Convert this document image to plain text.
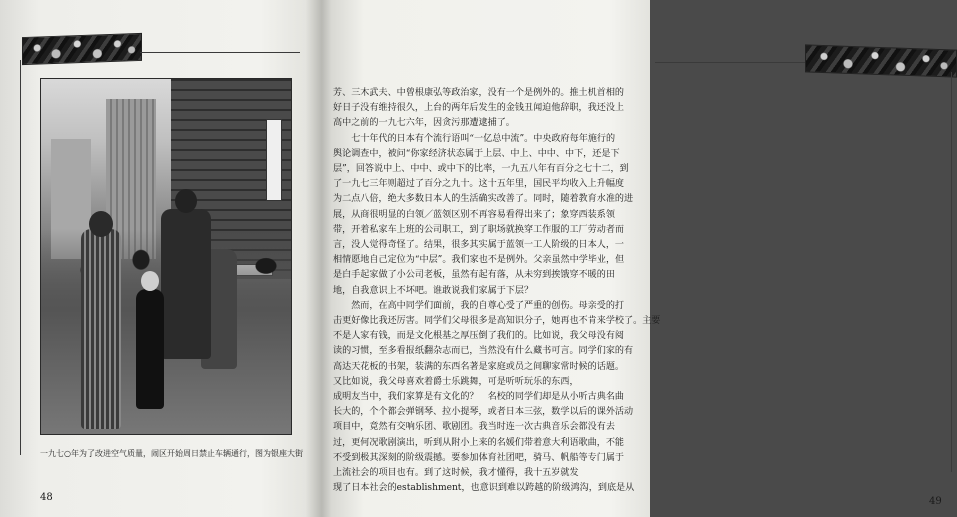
一九七○年为了改进空气质量，闹区开始周日禁止车辆通行，图为银座大街
48	49

芳、三木武夫、中曾根康弘等政治家，没有一个是例外的。推土机首相的

好日子没有维持很久，上台的两年后发生的金钱丑闻迫他辞职，我还没上

高中之前的一九七六年，因贪污那遭逮捕了。

　　七十年代的日本有个流行语叫“一亿总中流”。中央政府每年施行的

舆论调查中，被问“你家经济状态属于上层、中上、中中、中下，还是下

层”，回答说中上、中中、或中下的比率，一九五八年有百分之七十二，到

了一九七三年则超过了百分之九十。这十五年里，国民平均收入上升幅度

为二点八倍，绝大多数日本人的生活确实改善了。同时，随着教育水准的进

展，从商很明显的白领／蓝领区别不再容易看得出来了；象穿西装系领

带，开着私家车上班的公司职工，到了职场就换穿工作服的工厂劳动者而

言，没人觉得奇怪了。结果，很多其实属于蓝领一工人阶级的日本人，一

相情愿地自己定位为“中层”。我们家也不是例外。父亲虽然中学毕业，但

是白手起家做了小公司老板，虽然有起有落，从未穷到挨饿穿不暖的田

地，自我意识上不坏吧。谁敢说我们家属于下层？

　　然而，在高中同学们面前，我的自尊心受了严重的创伤。母亲受的打

击更好像比我还厉害。同学们父母很多是高知识分子，她再也不肯来学校了。主要

不是人家有钱，而是文化根基之厚压倒了我们的。比如说，我父母没有阅

读的习惯，至多看报纸翻杂志而已，当然没有什么藏书可言。同学们家的有

高达天花板的书架，装满的东西名著是家庭或员之间聊家常时候的话题。

又比如说，我父母喜欢着爵士乐跳舞，可是听听玩乐的东西，

成明友当中，我们家算是有文化的？　名校的同学们却是从小听古典名曲

长大的，个个都会弹钢琴、拉小提琴，或者日本三弦，数学以后的课外活动

项目中，竟然有交响乐团、歌剧团。我当时连一次古典音乐会都没有去

过，更何况歌剧演出，听到从附小上来的名媛们带着意大利语歌曲，不能

不受到极其深刻的阶级震撼。要参加体育社团吧，骑马、帆船等专门属于

上流社会的项目也有。到了这时候，我才懂得，我十五岁就发

现了日本社会的establishment，也意识到难以跨越的阶级鸿沟，到底是从
